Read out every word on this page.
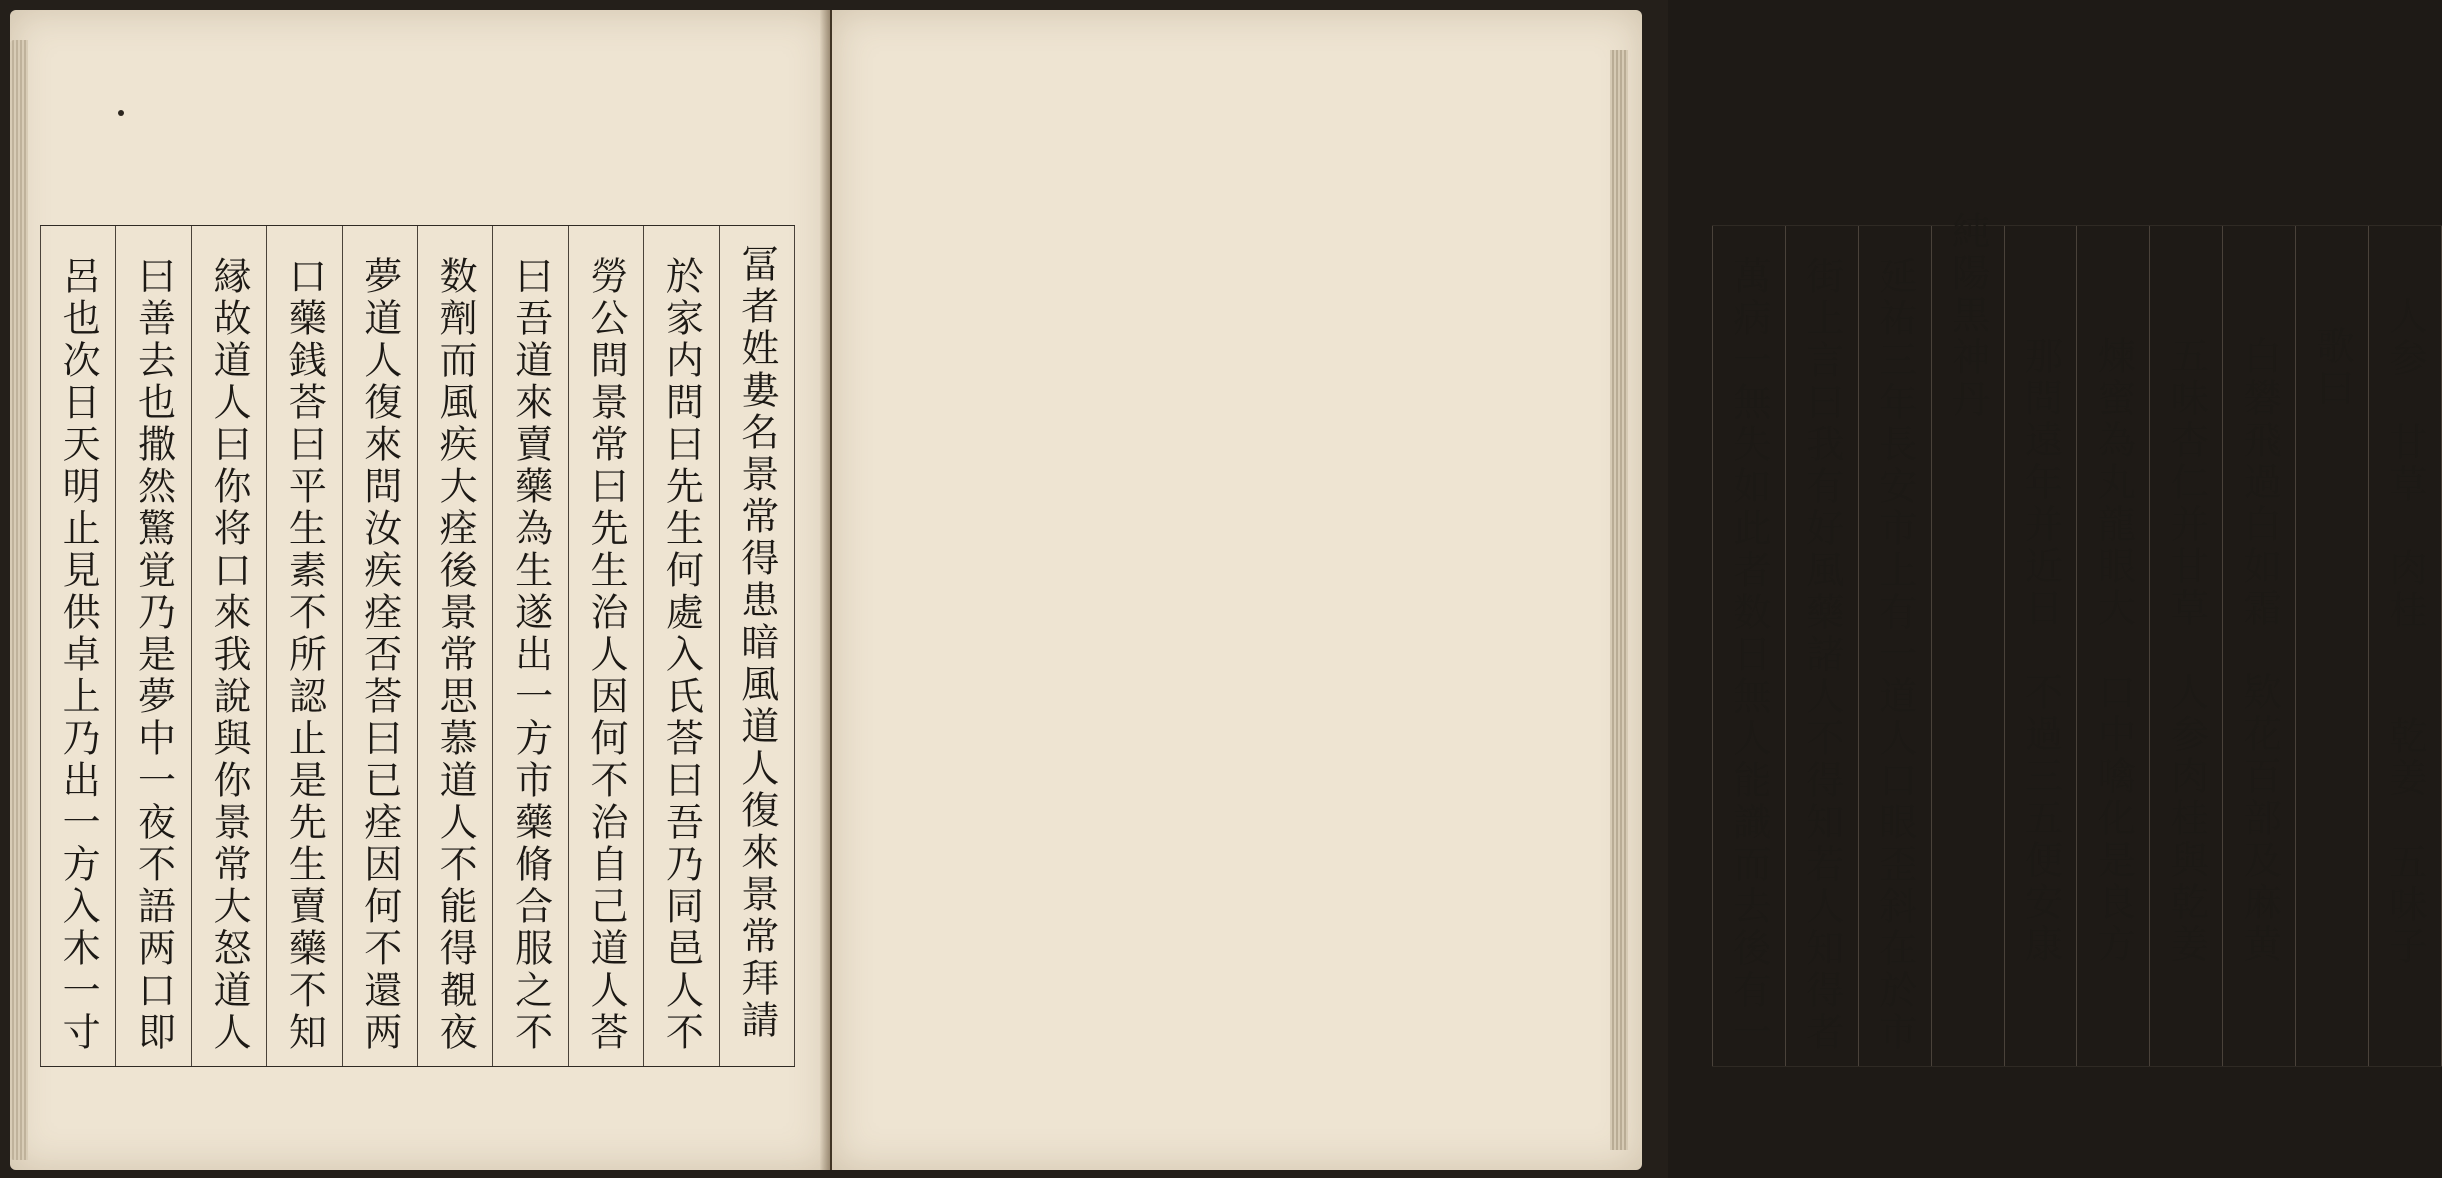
冨者姓婁名景常得患暗風道人復來景常拜請
於家内問曰先生何處入氏荅曰吾乃同邑人不
勞公問景常曰先生治人因何不治自己道人荅
曰吾道來賣藥為生遂出一方市藥脩合服之不
数劑而風疾大痊後景常思慕道人不能得覩夜
夢道人復來問汝疾痊否荅曰已痊因何不還两
口藥銭荅曰平生素不所認止是先生賣藥不知
縁故道人曰你将口來我說與你景常大怒道人
曰善去也撒然驚覚乃是夢中一夜不語两口即
呂也次日天明止見供卓上乃出一方入木一寸	人参　甘草　肉桂　　乾姜　五味子
歌曰
白礬飛過白如霜　欵花百部及麻黄
五味杏仁并甘草　人参肉桂與乾姜
煉蜜為丸龍眼大　口中噙化是良方
那問遠年并近日　不過三五便安康
純陽黒神丹
延祐三年長安市上有一道人口眼歪斜在於市
街上言曰我有好風藥諸人不得知若人知得者
萬病一無失如此者数日無人能識而去後有一
